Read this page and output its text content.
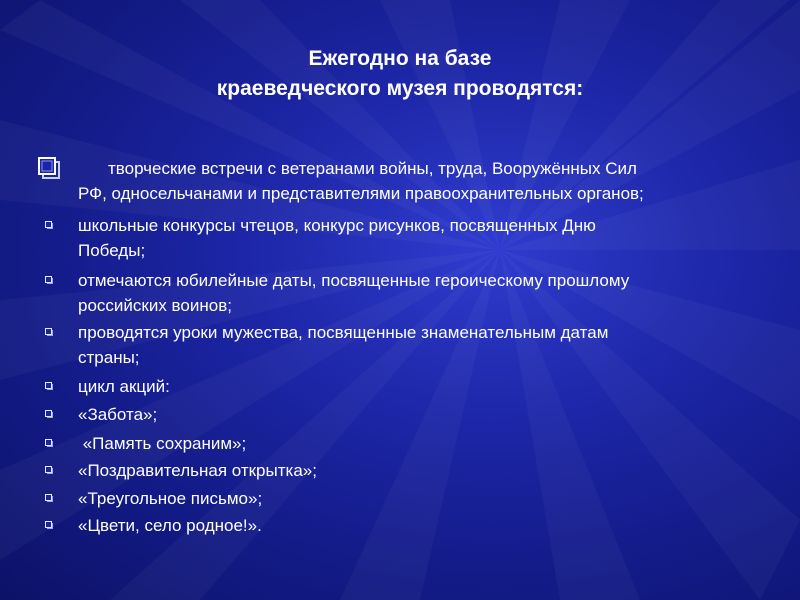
Ежегодно на базе
краеведческого музея проводятся:
творческие встречи с ветеранами войны, труда, Вооружённых Сил
РФ, односельчанами и представителями правоохранительных органов;
школьные конкурсы чтецов, конкурс рисунков, посвященных Дню
Победы;
отмечаются юбилейные даты, посвященные героическому прошлому
российских воинов;
проводятся уроки мужества, посвященные знаменательным датам
страны;
цикл акций:
«Забота»;
«Память сохраним»;
«Поздравительная открытка»;
«Треугольное письмо»;
«Цвети, село родное!».
